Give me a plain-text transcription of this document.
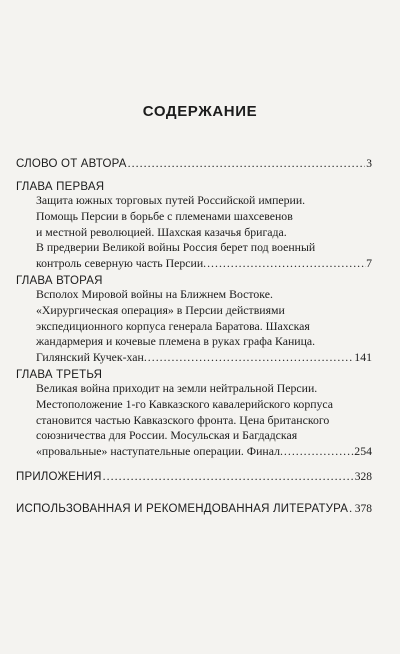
СОДЕРЖАНИЕ
СЛОВО ОТ АВТОРА .....	3
ГЛАВА ПЕРВАЯ
Защита южных торговых путей Российской империи.
Помощь Персии в борьбе с племенами шахсевенов
и местной революцией. Шахская казачья бригада.
В предверии Великой войны Россия берет под военный
контроль северную часть Персии .....	7
ГЛАВА ВТОРАЯ
Всполох Мировой войны на Ближнем Востоке.
«Хирургическая операция» в Персии действиями
экспедиционного корпуса генерала Баратова. Шахская
жандармерия и кочевые племена в руках графа Каница.
Гилянский Кучек-хан .....	141
ГЛАВА ТРЕТЬЯ
Великая война приходит на земли нейтральной Персии.
Местоположение 1-го Кавказского кавалерийского корпуса
становится частью Кавказского фронта. Цена британского
союзничества для России. Мосульская и Багдадская
«провальные» наступательные операции. Финал .....	254
ПРИЛОЖЕНИЯ .....	328
ИСПОЛЬЗОВАННАЯ И РЕКОМЕНДОВАННАЯ ЛИТЕРАТУРА ..... 378
